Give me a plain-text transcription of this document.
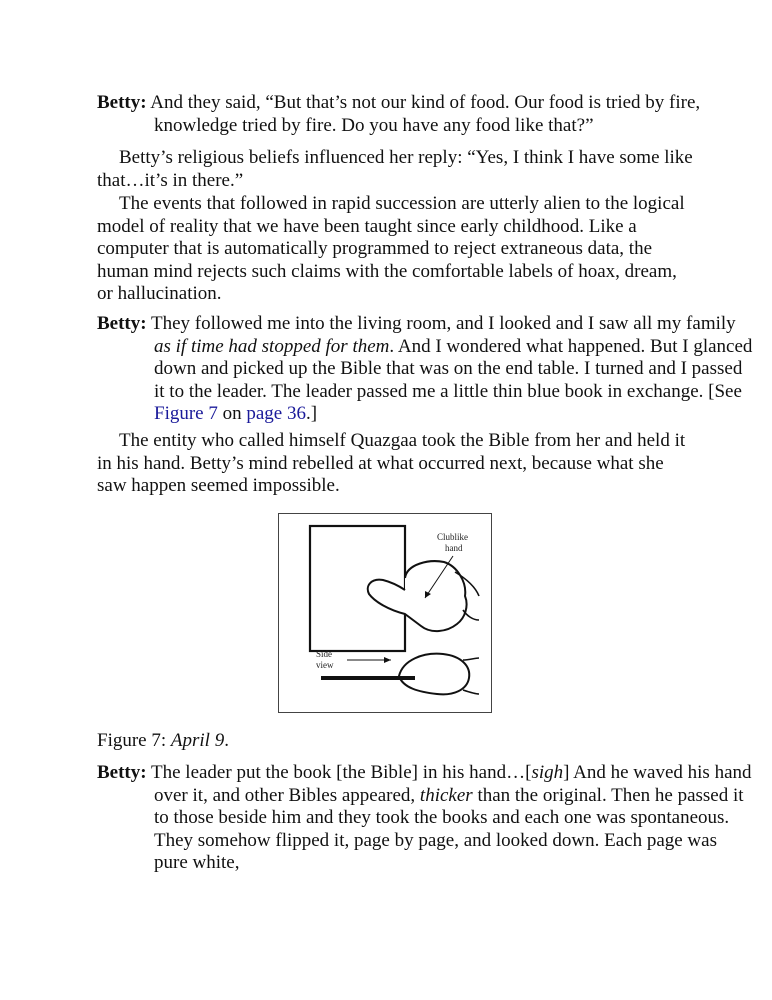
Betty: And they said, “But that’s not our kind of food. Our food is tried by fire, knowledge tried by fire. Do you have any food like that?”

Betty’s religious beliefs influenced her reply: “Yes, I think I have some like that…it’s in there.”

The events that followed in rapid succession are utterly alien to the logical model of reality that we have been taught since early childhood. Like a computer that is automatically programmed to reject extraneous data, the human mind rejects such claims with the comfortable labels of hoax, dream, or hallucination.

Betty: They followed me into the living room, and I looked and I saw all my family as if time had stopped for them. And I wondered what happened. But I glanced down and picked up the Bible that was on the end table. I turned and I passed it to the leader. The leader passed me a little thin blue book in exchange. [See Figure 7 on page 36.]

The entity who called himself Quazgaa took the Bible from her and held it in his hand. Betty’s mind rebelled at what occurred next, because what she saw happen seemed impossible.

Clublike
hand
Side
view

Figure 7: April 9.

Betty: The leader put the book [the Bible] in his hand…[sigh] And he waved his hand over it, and other Bibles appeared, thicker than the original. Then he passed it to those beside him and they took the books and each one was spontaneous. They somehow flipped it, page by page, and looked down. Each page was pure white,
